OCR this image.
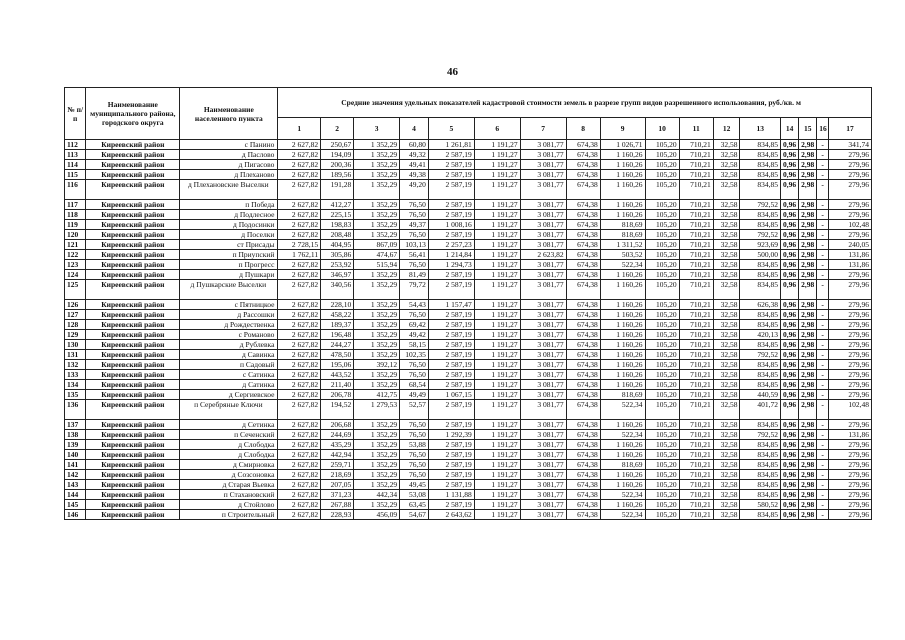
46
№ п/п	Наименование муниципального района, городского округа	Наименование населенного пункта	Средние значения удельных показателей кадастровой стоимости земель в разрезе групп видов разрешенного использования, руб./кв. м																
			1	2	3	4	5	6	7	8	9	10	11	12	13	14	15	16	17
112	Киреевский район	с Панино	2 627,82	250,67	1 352,29	60,80	1 261,81	1 191,27	3 081,77	674,38	1 026,71	105,20	710,21	32,58	834,85	0,96	2,98	-	341,74
113	Киреевский район	д Паслово	2 627,82	194,09	1 352,29	49,32	2 587,19	1 191,27	3 081,77	674,38	1 160,26	105,20	710,21	32,58	834,85	0,96	2,98	-	279,96
114	Киреевский район	д Пигасово	2 627,82	200,36	1 352,29	49,41	2 587,19	1 191,27	3 081,77	674,38	1 160,26	105,20	710,21	32,58	834,85	0,96	2,98	-	279,96
115	Киреевский район	д Плеханово	2 627,82	189,56	1 352,29	49,38	2 587,19	1 191,27	3 081,77	674,38	1 160,26	105,20	710,21	32,58	834,85	0,96	2,98	-	279,96
116	Киреевский район	д Плехановские Выселки	2 627,82	191,28	1 352,29	49,20	2 587,19	1 191,27	3 081,77	674,38	1 160,26	105,20	710,21	32,58	834,85	0,96	2,98	-	279,96
117	Киреевский район	п Победа	2 627,82	412,27	1 352,29	76,50	2 587,19	1 191,27	3 081,77	674,38	1 160,26	105,20	710,21	32,58	792,52	0,96	2,98	-	279,96
118	Киреевский район	д Подлесное	2 627,82	225,15	1 352,29	76,50	2 587,19	1 191,27	3 081,77	674,38	1 160,26	105,20	710,21	32,58	834,85	0,96	2,98	-	279,96
119	Киреевский район	д Подосинки	2 627,82	198,83	1 352,29	49,37	1 008,16	1 191,27	3 081,77	674,38	818,69	105,20	710,21	32,58	834,85	0,96	2,98	-	102,48
120	Киреевский район	д Поселки	2 627,82	208,48	1 352,29	76,50	2 587,19	1 191,27	3 081,77	674,38	818,69	105,20	710,21	32,58	792,52	0,96	2,98	-	279,96
121	Киреевский район	ст Присады	2 728,15	404,95	867,09	103,13	2 257,23	1 191,27	3 081,77	674,38	1 311,52	105,20	710,21	32,58	923,69	0,96	2,98	-	240,05
122	Киреевский район	п Приупский	1 762,11	305,86	474,67	56,41	1 214,84	1 191,27	2 623,82	674,38	503,52	105,20	710,21	32,58	500,00	0,96	2,98	-	131,86
123	Киреевский район	п Прогресс	2 627,82	253,92	515,94	76,50	1 294,73	1 191,27	3 081,77	674,38	522,34	105,20	710,21	32,58	834,85	0,96	2,98	-	131,86
124	Киреевский район	д Пушкари	2 627,82	346,97	1 352,29	81,49	2 587,19	1 191,27	3 081,77	674,38	1 160,26	105,20	710,21	32,58	834,85	0,96	2,98	-	279,96
125	Киреевский район	д Пушкарские Выселки	2 627,82	340,56	1 352,29	79,72	2 587,19	1 191,27	3 081,77	674,38	1 160,26	105,20	710,21	32,58	834,85	0,96	2,98	-	279,96
126	Киреевский район	с Пятницкое	2 627,82	228,10	1 352,29	54,43	1 157,47	1 191,27	3 081,77	674,38	1 160,26	105,20	710,21	32,58	626,38	0,96	2,98	-	279,96
127	Киреевский район	д Рассошки	2 627,82	458,22	1 352,29	76,50	2 587,19	1 191,27	3 081,77	674,38	1 160,26	105,20	710,21	32,58	834,85	0,96	2,98	-	279,96
128	Киреевский район	д Рождественка	2 627,82	189,37	1 352,29	69,42	2 587,19	1 191,27	3 081,77	674,38	1 160,26	105,20	710,21	32,58	834,85	0,96	2,98	-	279,96
129	Киреевский район	с Романово	2 627,82	196,48	1 352,29	49,42	2 587,19	1 191,27	3 081,77	674,38	1 160,26	105,20	710,21	32,58	420,13	0,96	2,98	-	279,96
130	Киреевский район	д Рублевка	2 627,82	244,27	1 352,29	58,15	2 587,19	1 191,27	3 081,77	674,38	1 160,26	105,20	710,21	32,58	834,85	0,96	2,98	-	279,96
131	Киреевский район	д Савинка	2 627,82	478,50	1 352,29	102,35	2 587,19	1 191,27	3 081,77	674,38	1 160,26	105,20	710,21	32,58	792,52	0,96	2,98	-	279,96
132	Киреевский район	п Садовый	2 627,82	195,06	392,12	76,50	2 587,19	1 191,27	3 081,77	674,38	1 160,26	105,20	710,21	32,58	834,85	0,96	2,98	-	279,96
133	Киреевский район	с Сатинка	2 627,82	443,52	1 352,29	76,50	2 587,19	1 191,27	3 081,77	674,38	1 160,26	105,20	710,21	32,58	834,85	0,96	2,98	-	279,96
134	Киреевский район	д Сатинка	2 627,82	211,40	1 352,29	68,54	2 587,19	1 191,27	3 081,77	674,38	1 160,26	105,20	710,21	32,58	834,85	0,96	2,98	-	279,96
135	Киреевский район	д Сергиевское	2 627,82	206,78	412,75	49,49	1 067,15	1 191,27	3 081,77	674,38	818,69	105,20	710,21	32,58	440,59	0,96	2,98	-	279,96
136	Киреевский район	п Серебряные Ключи	2 627,82	194,52	1 279,53	52,57	2 587,19	1 191,27	3 081,77	674,38	522,34	105,20	710,21	32,58	401,72	0,96	2,98	-	102,48
137	Киреевский район	д Сетинка	2 627,82	206,68	1 352,29	76,50	2 587,19	1 191,27	3 081,77	674,38	1 160,26	105,20	710,21	32,58	834,85	0,96	2,98	-	279,96
138	Киреевский район	п Сеченский	2 627,82	244,69	1 352,29	76,50	1 292,39	1 191,27	3 081,77	674,38	522,34	105,20	710,21	32,58	792,52	0,96	2,98	-	131,86
139	Киреевский район	д Слободка	2 627,82	435,29	1 352,29	53,88	2 587,19	1 191,27	3 081,77	674,38	1 160,26	105,20	710,21	32,58	834,85	0,96	2,98	-	279,96
140	Киреевский район	д Слободка	2 627,82	442,94	1 352,29	76,50	2 587,19	1 191,27	3 081,77	674,38	1 160,26	105,20	710,21	32,58	834,85	0,96	2,98	-	279,96
141	Киреевский район	д Смирновка	2 627,82	259,71	1 352,29	76,50	2 587,19	1 191,27	3 081,77	674,38	818,69	105,20	710,21	32,58	834,85	0,96	2,98	-	279,96
142	Киреевский район	д Созсоновка	2 627,82	218,69	1 352,29	76,50	2 587,19	1 191,27	3 081,77	674,38	1 160,26	105,20	710,21	32,58	834,85	0,96	2,98	-	279,96
143	Киреевский район	д Старая Вьевка	2 627,82	207,05	1 352,29	49,45	2 587,19	1 191,27	3 081,77	674,38	1 160,26	105,20	710,21	32,58	834,85	0,96	2,98	-	279,96
144	Киреевский район	п Стахановский	2 627,82	371,23	442,34	53,08	1 131,88	1 191,27	3 081,77	674,38	522,34	105,20	710,21	32,58	834,85	0,96	2,98	-	279,96
145	Киреевский район	д Стойлово	2 627,82	267,88	1 352,29	63,45	2 587,19	1 191,27	3 081,77	674,38	1 160,26	105,20	710,21	32,58	580,52	0,96	2,98	-	279,96
146	Киреевский район	п Строительный	2 627,82	228,93	456,09	54,67	2 643,62	1 191,27	3 081,77	674,38	522,34	105,20	710,21	32,58	834,85	0,96	2,98	-	279,96
